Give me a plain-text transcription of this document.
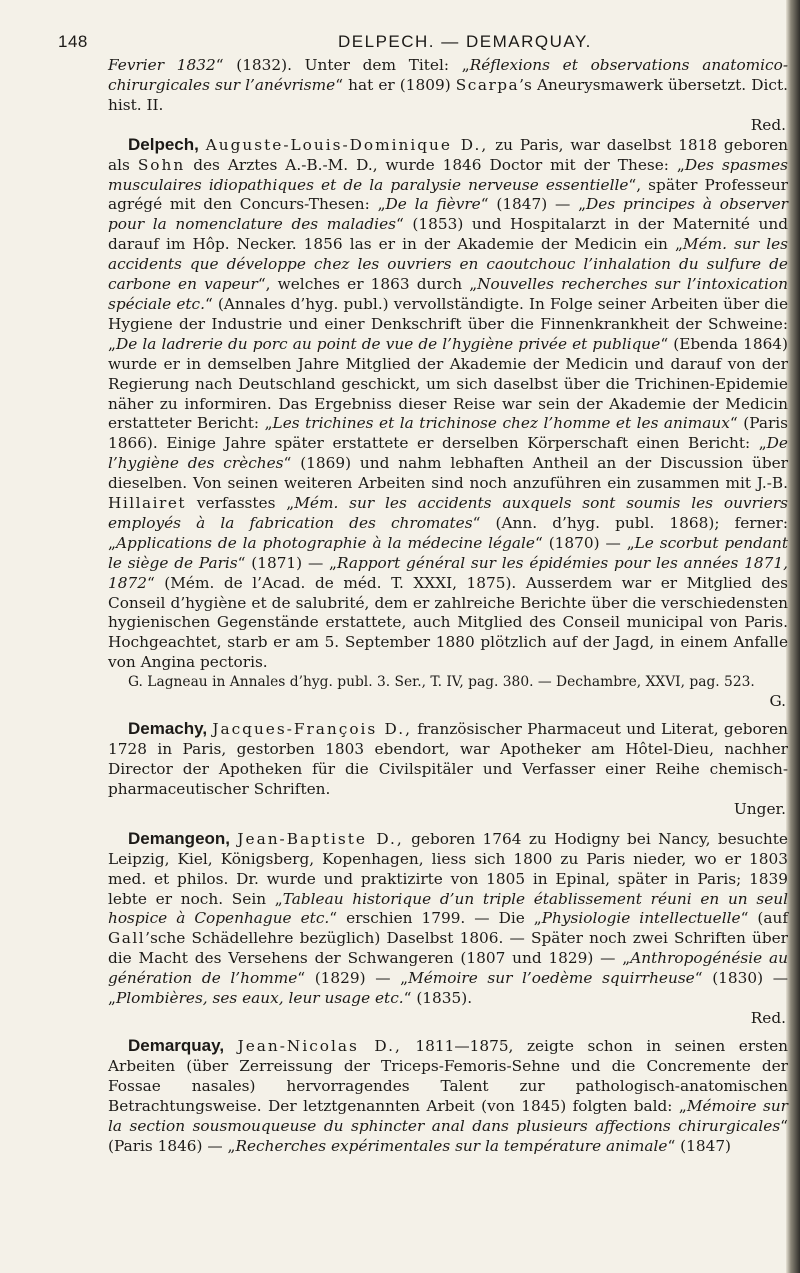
148	DELPECH. — DEMARQUAY.

Fevrier 1832“ (1832). Unter dem Titel: „Réflexions et observations anatomico-chirurgicales sur l’anévrisme“ hat er (1809) Scarpa’s Aneurysmawerk übersetzt. Dict. hist. II.

Red.

Delpech, Auguste-Louis-Dominique D., zu Paris, war daselbst 1818 geboren als Sohn des Arztes A.-B.-M. D., wurde 1846 Doctor mit der These: „Des spasmes musculaires idiopathiques et de la paralysie nerveuse essentielle“, später Professeur agrégé mit den Concurs-Thesen: „De la fièvre“ (1847) — „Des principes à observer pour la nomenclature des maladies“ (1853) und Hospitalarzt in der Maternité und darauf im Hôp. Necker. 1856 las er in der Akademie der Medicin ein „Mém. sur les accidents que développe chez les ouvriers en caoutchouc l’inhalation du sulfure de carbone en vapeur“, welches er 1863 durch „Nouvelles recherches sur l’intoxication spéciale etc.“ (Annales d’hyg. publ.) vervollständigte. In Folge seiner Arbeiten über die Hygiene der Industrie und einer Denkschrift über die Finnenkrankheit der Schweine: „De la ladrerie du porc au point de vue de l’hygiène privée et publique“ (Ebenda 1864) wurde er in demselben Jahre Mitglied der Akademie der Medicin und darauf von der Regierung nach Deutschland geschickt, um sich daselbst über die Trichinen-Epidemie näher zu informiren. Das Ergebniss dieser Reise war sein der Akademie der Medicin erstatteter Bericht: „Les trichines et la trichinose chez l’homme et les animaux“ (Paris 1866). Einige Jahre später erstattete er derselben Körperschaft einen Bericht: „De l’hygiène des crèches“ (1869) und nahm lebhaften Antheil an der Discussion über dieselben. Von seinen weiteren Arbeiten sind noch anzuführen ein zusammen mit J.-B. Hillairet verfasstes „Mém. sur les accidents auxquels sont soumis les ouvriers employés à la fabrication des chromates“ (Ann. d’hyg. publ. 1868); ferner: „Applications de la photographie à la médecine légale“ (1870) — „Le scorbut pendant le siège de Paris“ (1871) — „Rapport général sur les épidémies pour les années 1871, 1872“ (Mém. de l’Acad. de méd. T. XXXI, 1875). Ausserdem war er Mitglied des Conseil d’hygiène et de salubrité, dem er zahlreiche Berichte über die verschiedensten hygienischen Gegenstände erstattete, auch Mitglied des Conseil municipal von Paris. Hochgeachtet, starb er am 5. September 1880 plötzlich auf der Jagd, in einem Anfalle von Angina pectoris.

G. Lagneau in Annales d’hyg. publ. 3. Ser., T. IV, pag. 380. — Dechambre, XXVI, pag. 523.

G.

Demachy, Jacques-François D., französischer Pharmaceut und Literat, geboren 1728 in Paris, gestorben 1803 ebendort, war Apotheker am Hôtel-Dieu, nachher Director der Apotheken für die Civilspitäler und Verfasser einer Reihe chemisch-pharmaceutischer Schriften.

Unger.

Demangeon, Jean-Baptiste D., geboren 1764 zu Hodigny bei Nancy, besuchte Leipzig, Kiel, Königsberg, Kopenhagen, liess sich 1800 zu Paris nieder, wo er 1803 med. et philos. Dr. wurde und praktizirte von 1805 in Epinal, später in Paris; 1839 lebte er noch. Sein „Tableau historique d’un triple établissement réuni en un seul hospice à Copenhague etc.“ erschien 1799. — Die „Physiologie intellectuelle“ (auf Gall’sche Schädellehre bezüglich) Daselbst 1806. — Später noch zwei Schriften über die Macht des Versehens der Schwangeren (1807 und 1829) — „Anthropogénésie au génération de l’homme“ (1829) — „Mémoire sur l’oedème squirrheuse“ (1830) — „Plombières, ses eaux, leur usage etc.“ (1835).

Red.

Demarquay, Jean-Nicolas D., 1811—1875, zeigte schon in seinen ersten Arbeiten (über Zerreissung der Triceps-Femoris-Sehne und die Concremente der Fossae nasales) hervorragendes Talent zur pathologisch-anatomischen Betrachtungsweise. Der letztgenannten Arbeit (von 1845) folgten bald: „Mémoire sur la section sousmouqueuse du sphincter anal dans plusieurs affections chirurgicales“ (Paris 1846) — „Recherches expérimentales sur la température animale“ (1847)
